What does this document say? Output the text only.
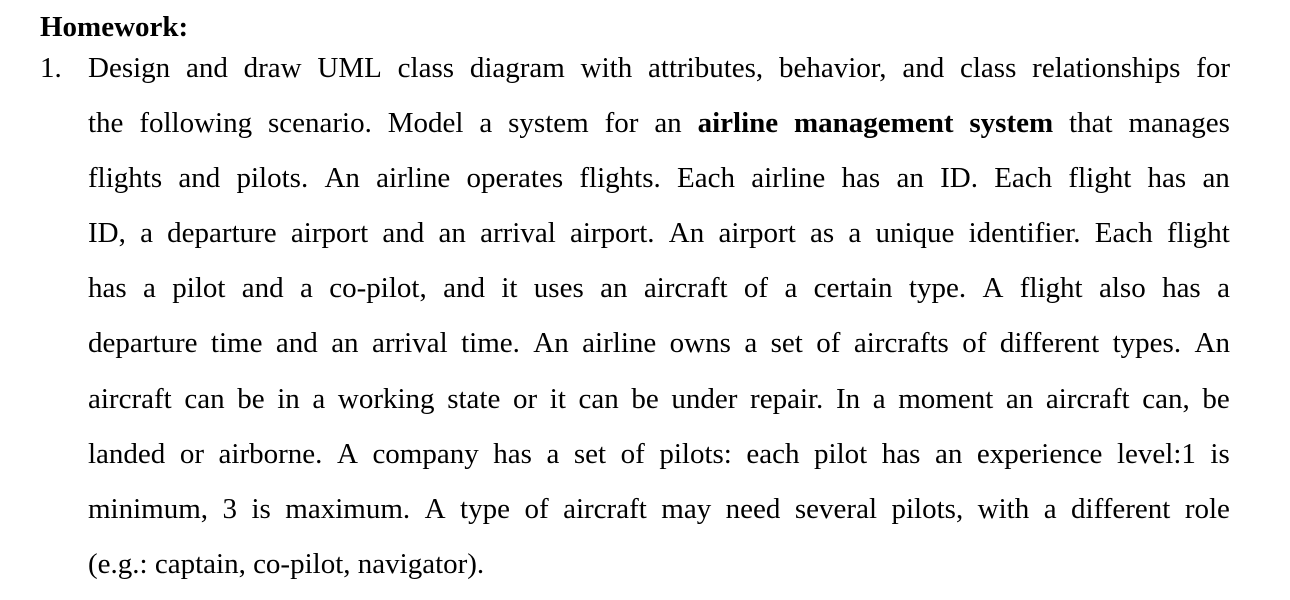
Homework:
1. Design and draw UML class diagram with attributes, behavior, and class relationships for
the following scenario. Model a system for an airline management system that manages
flights and pilots. An airline operates flights. Each airline has an ID. Each flight has an
ID, a departure airport and an arrival airport. An airport as a unique identifier. Each flight
has a pilot and a co-pilot, and it uses an aircraft of a certain type. A flight also has a
departure time and an arrival time. An airline owns a set of aircrafts of different types. An
aircraft can be in a working state or it can be under repair. In a moment an aircraft can, be
landed or airborne. A company has a set of pilots: each pilot has an experience level:1 is
minimum, 3 is maximum. A type of aircraft may need several pilots, with a different role
(e.g.: captain, co-pilot, navigator).
